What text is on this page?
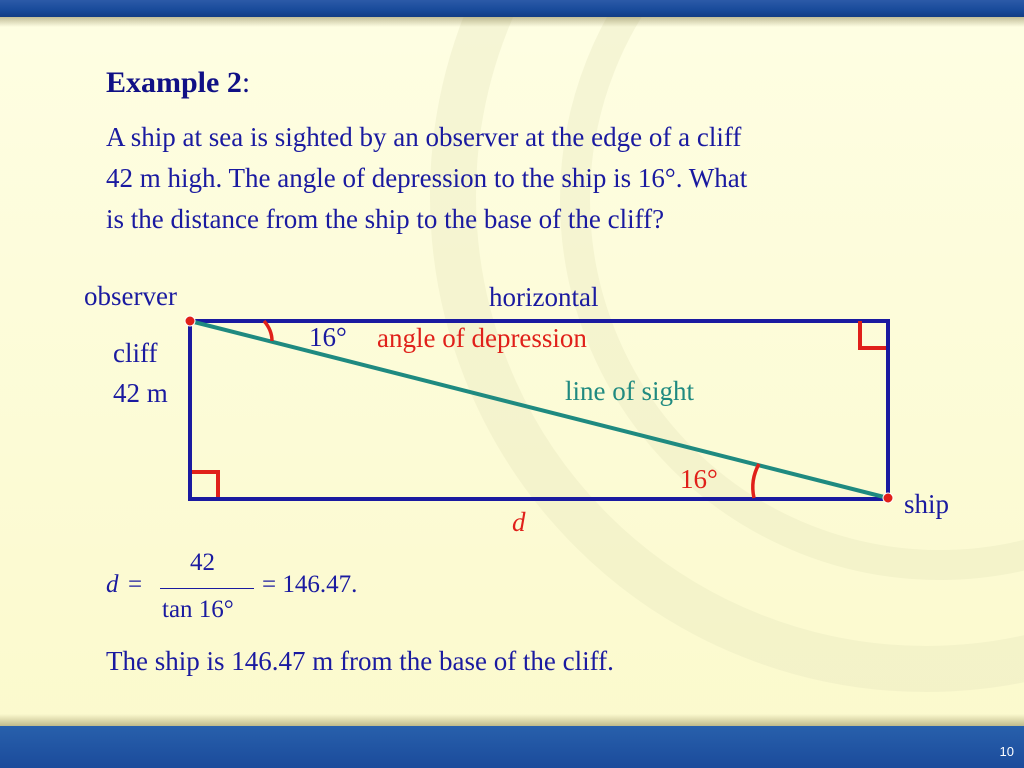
10
Example 2:
A ship at sea is sighted by an observer at the edge of a cliff
42 m high. The angle of depression to the ship is 16°. What
is the distance from the ship to the base of the cliff?
observer	horizontal
cliff
42 m
16° angle of depression
line of sight
16°
ship
d
d =
42
tan 16°
= 146.47.
The ship is 146.47 m from the base of the cliff.
